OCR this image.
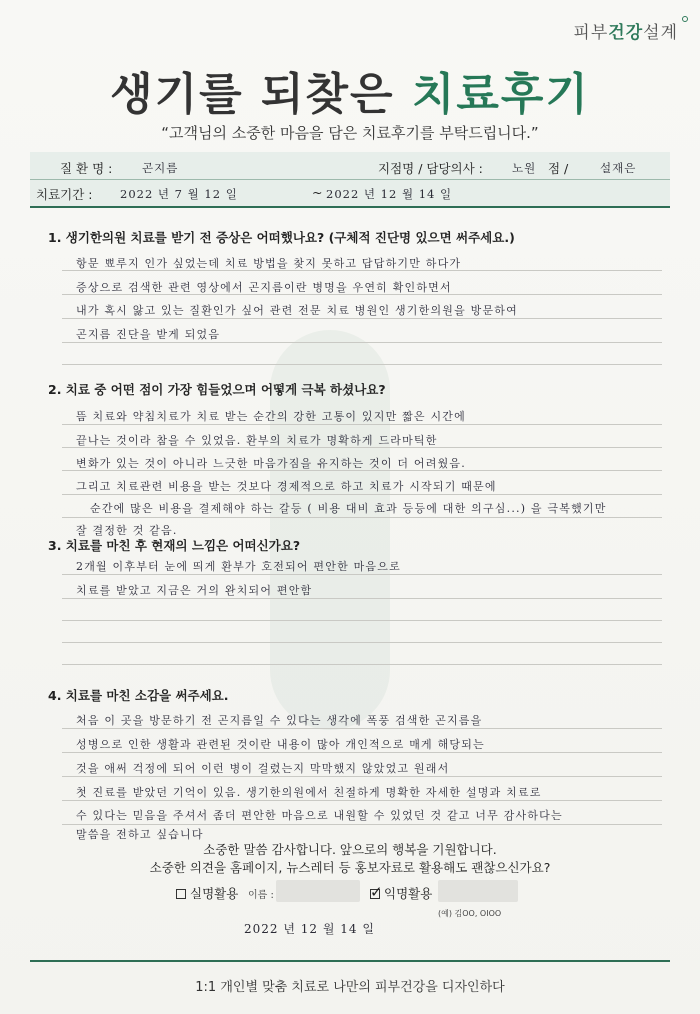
피부건강설계
생기를 되찾은 치료후기
“고객님의 소중한 마음을 담은 치료후기를 부탁드립니다.”
질 환 명 :	곤지름	지점명 / 담당의사 :	노원 점 /	설재은
치료기간 : 2022 년 7 월 12 일	~ 2022 년 12 월 14 일
1. 생기한의원 치료를 받기 전 증상은 어떠했나요? (구체적 진단명 있으면 써주세요.)
항문 뾰루지 인가 싶었는데 치료 방법을 찾지 못하고 답답하기만 하다가
증상으로 검색한 관련 영상에서 곤지름이란 병명을 우연히 확인하면서
내가 혹시 앓고 있는 질환인가 싶어 관련 전문 치료 병원인 생기한의원을 방문하여
곤지름 진단을 받게 되었음
2. 치료 중 어떤 점이 가장 힘들었으며 어떻게 극복 하셨나요?
뜸 치료와 약침치료가 치료 받는 순간의 강한 고통이 있지만 짧은 시간에
끝나는 것이라 참을 수 있었음. 환부의 치료가 명확하게 드라마틱한
변화가 있는 것이 아니라 느긋한 마음가짐을 유지하는 것이 더 어려웠음.
그리고 치료관련 비용을 받는 것보다 경제적으로 하고 치료가 시작되기 때문에
순간에 많은 비용을 결제해야 하는 갈등 ( 비용 대비 효과 등등에 대한 의구심...) 을 극복했기만
잘 결정한 것 같음.
3. 치료를 마친 후 현재의 느낌은 어떠신가요?
2개월 이후부터 눈에 띄게 환부가 호전되어 편안한 마음으로
치료를 받았고 지금은 거의 완치되어 편안함
4. 치료를 마친 소감을 써주세요.
처음 이 곳을 방문하기 전 곤지름일 수 있다는 생각에 폭풍 검색한 곤지름을
성병으로 인한 생활과 관련된 것이란 내용이 많아 개인적으로 매게 해당되는
것을 애써 걱정에 되어 이런 병이 걸렸는지 막막했지 않았었고 원래서
첫 진료를 받았던 기억이 있음. 생기한의원에서 친절하게 명확한 자세한 설명과 치료로
수 있다는 믿음을 주셔서 좀더 편안한 마음으로 내원할 수 있었던 것 같고 너무 감사하다는
말씀을 전하고 싶습니다
소중한 말씀 감사합니다. 앞으로의 행복을 기원합니다.
소중한 의견을 홈페이지, 뉴스레터 등 홍보자료로 활용해도 괜찮으신가요?
실명활용 이름 :	✓ 익명활용
(예) 김OO, OIOO
2022 년 12 월 14 일
1:1 개인별 맞춤 치료로 나만의 피부건강을 디자인하다
